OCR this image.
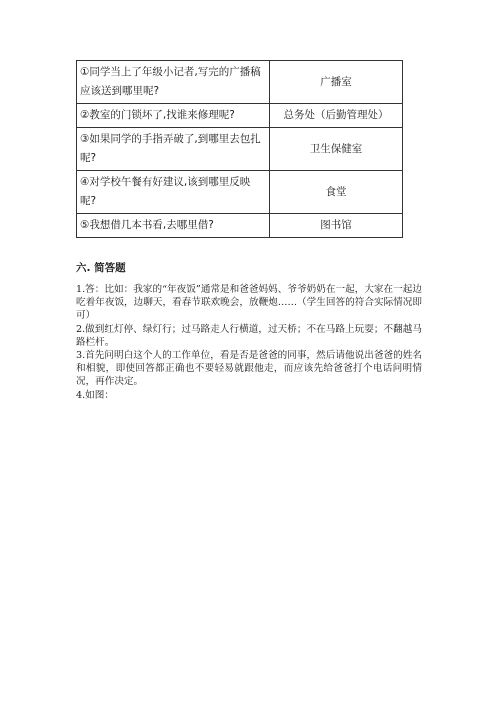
①同学当上了年级小记者,写完的广播稿应该送到哪里呢?	广播室
②教室的门锁坏了,找谁来修理呢?	总务处（后勤管理处）
③如果同学的手指弄破了,到哪里去包扎呢?	卫生保健室
④对学校午餐有好建议,该到哪里反映呢?	食堂
⑤我想借几本书看,去哪里借?	图书馆
六. 简答题

1.答：比如：我家的“年夜饭”通常是和爸爸妈妈、爷爷奶奶在一起，大家在一起边吃着年夜饭，边聊天，看春节联欢晚会，放鞭炮……（学生回答的符合实际情况即可）

2.做到红灯停、绿灯行；过马路走人行横道，过天桥；不在马路上玩耍；不翻越马路栏杆。

3.首先问明白这个人的工作单位，看是否是爸爸的同事，然后请他说出爸爸的姓名和相貌，即使回答都正确也不要轻易就跟他走，而应该先给爸爸打个电话问明情况，再作决定。

4.如图：
